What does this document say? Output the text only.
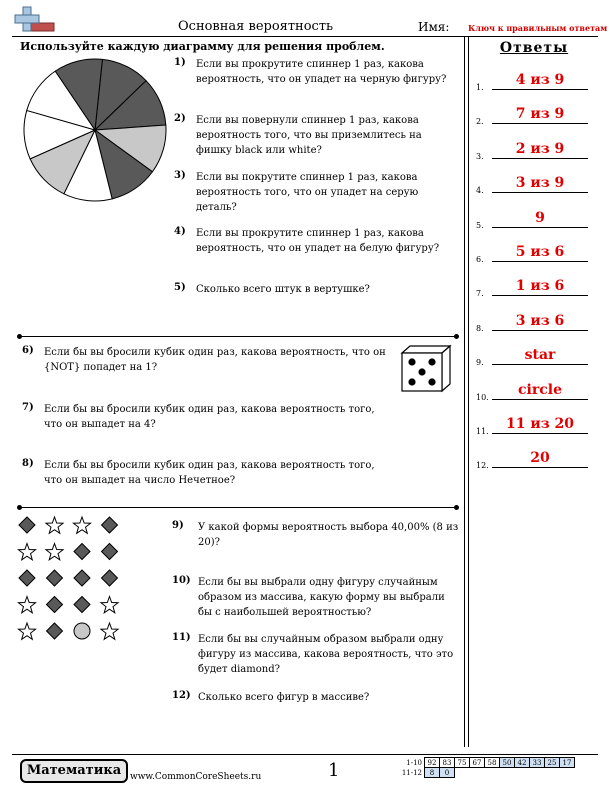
Основная вероятность	Имя: Ключ к правильным ответам
Используйте каждую диаграмму для решения проблем.	Ответы
1) Если вы прокрутите спиннер 1 раз, какова вероятность, что он упадет на черную фигуру?
2) Если вы повернули спиннер 1 раз, какова вероятность того, что вы приземлитесь на фишку black или white?
3) Если вы покрутите спиннер 1 раз, какова вероятность того, что он упадет на серую деталь?
4) Если вы прокрутите спиннер 1 раз, какова вероятность, что он упадет на белую фигуру?
5) Сколько всего штук в вертушке?
6) Если бы вы бросили кубик один раз, какова вероятность, что он {NOT} попадет на 1?
7) Если бы вы бросили кубик один раз, какова вероятность того, что он выпадет на 4?
8) Если бы вы бросили кубик один раз, какова вероятность того, что он выпадет на число Нечетное?
9) У какой формы вероятность выбора 40,00% (8 из 20)?
10) Если бы вы выбрали одну фигуру случайным образом из массива, какую форму вы выбрали бы с наибольшей вероятностью?
11) Если бы вы случайным образом выбрали одну фигуру из массива, какова вероятность, что это будет diamond?
12) Сколько всего фигур в массиве?
1.	4 из 9
2.	7 из 9
3.	2 из 9
4.	3 из 9
5.	9
6.	5 из 6
7.	1 из 6
8.	3 из 6
9.	star
10.	circle
11.	11 из 20
12.	20
Математика www.CommonCoreSheets.ru	1	1-10	92	83	75	67	58	50	42	33	25	17
11-12	8	0								
